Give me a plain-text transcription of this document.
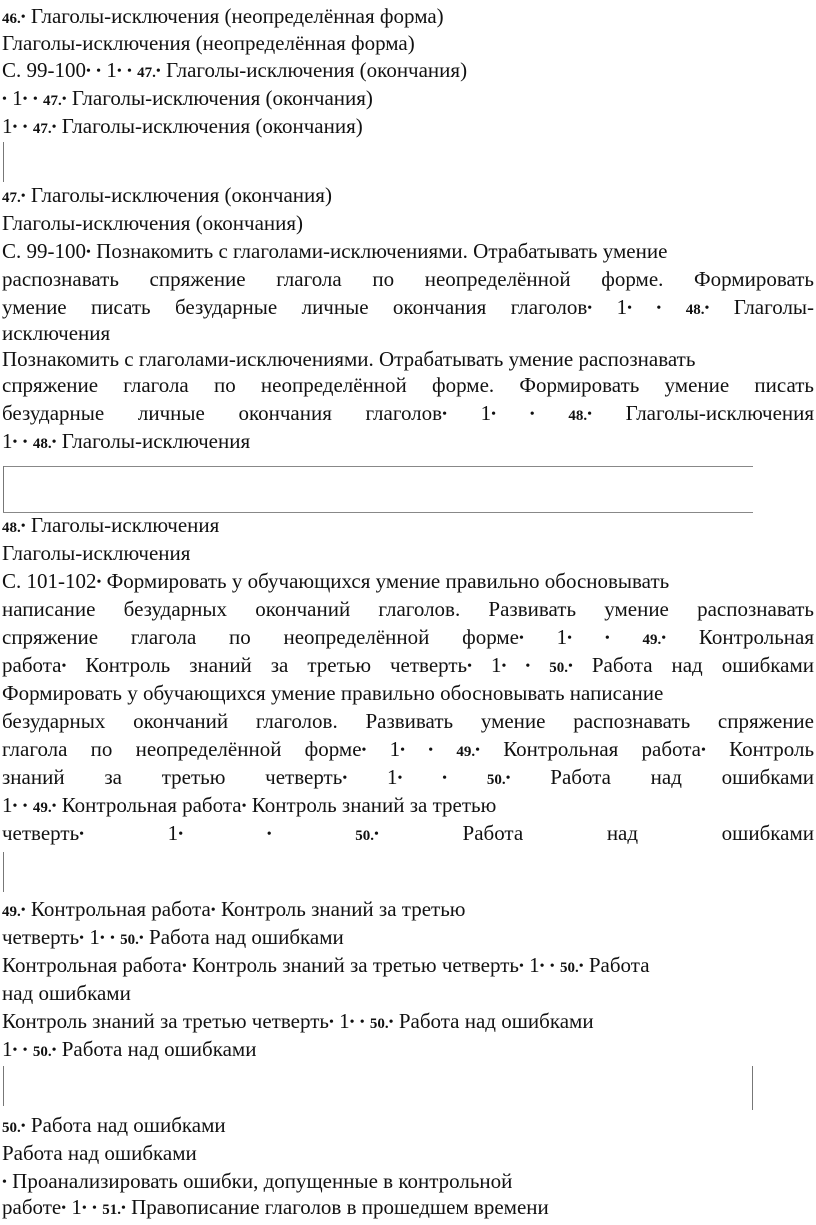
46.• Глаголы-исключения (неопределённая форма)
Глаголы-исключения (неопределённая форма)
С. 99-100• • 1• • 47.• Глаголы-исключения (окончания)
• 1• • 47.• Глаголы-исключения (окончания)
1• • 47.• Глаголы-исключения (окончания)
47.• Глаголы-исключения (окончания)
Глаголы-исключения (окончания)
С. 99-100• Познакомить с глаголами-исключениями. Отрабатывать умение
распознавать спряжение глагола по неопределённой форме. Формировать
умение писать безударные личные окончания глаголов• 1• • 48.• Глаголы-
исключения
Познакомить с глаголами-исключениями. Отрабатывать умение распознавать
спряжение глагола по неопределённой форме. Формировать умение писать
безударные личные окончания глаголов• 1• • 48.• Глаголы-исключения
1• • 48.• Глаголы-исключения
48.• Глаголы-исключения
Глаголы-исключения
С. 101-102• Формировать у обучающихся умение правильно обосновывать
написание безударных окончаний глаголов. Развивать умение распознавать
спряжение глагола по неопределённой форме• 1• • 49.• Контрольная
работа• Контроль знаний за третью четверть• 1• • 50.• Работа над ошибками
Формировать у обучающихся умение правильно обосновывать написание
безударных окончаний глаголов. Развивать умение распознавать спряжение
глагола по неопределённой форме• 1• • 49.• Контрольная работа• Контроль
знаний за третью четверть• 1•	•	50.• Работа над ошибками
1• • 49.• Контрольная работа• Контроль знаний за третью
четверть• 1•	•	50.• Работа над ошибками
49.• Контрольная работа• Контроль знаний за третью
четверть• 1• • 50.• Работа над ошибками
Контрольная работа• Контроль знаний за третью четверть• 1• • 50.• Работа
над ошибками
Контроль знаний за третью четверть• 1• • 50.• Работа над ошибками
1• • 50.• Работа над ошибками
50.• Работа над ошибками
Работа над ошибками
• Проанализировать ошибки, допущенные в контрольной
работе• 1• • 51.• Правописание глаголов в прошедшем времени
